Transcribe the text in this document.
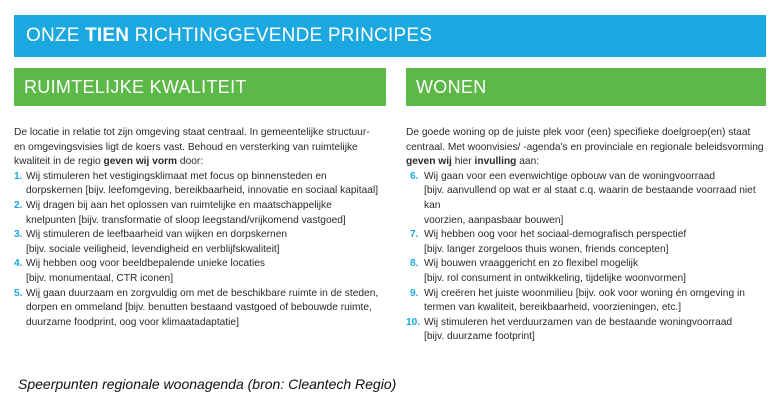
ONZE TIEN RICHTINGGEVENDE PRINCIPES
RUIMTELIJKE KWALITEIT
De locatie in relatie tot zijn omgeving staat centraal. In gemeentelijke structuur-
en omgevingsvisies ligt de koers vast. Behoud en versterking van ruimtelijke
kwaliteit in de regio geven wij vorm door:
1. Wij stimuleren het vestigingsklimaat met focus op binnensteden en
dorpskernen [bijv. leefomgeving, bereikbaarheid, innovatie en sociaal kapitaal]
2. Wij dragen bij aan het oplossen van ruimtelijke en maatschappelijke
knelpunten [bijv. transformatie of sloop leegstand/vrijkomend vastgoed]
3. Wij stimuleren de leefbaarheid van wijken en dorpskernen
[bijv. sociale veiligheid, levendigheid en verblijfskwaliteit]
4. Wij hebben oog voor beeldbepalende unieke locaties
[bijv. monumentaal, CTR iconen]
5. Wij gaan duurzaam en zorgvuldig om met de beschikbare ruimte in de steden,
dorpen en ommeland [bijv. benutten bestaand vastgoed of bebouwde ruimte,
duurzame foodprint, oog voor klimaatadaptatie]
WONEN
De goede woning op de juiste plek voor (een) specifieke doelgroep(en) staat
centraal. Met woonvisies/ -agenda's en provinciale en regionale beleidsvorming
geven wij hier invulling aan:
6. Wij gaan voor een evenwichtige opbouw van de woningvoorraad
[bijv. aanvullend op wat er al staat c.q. waarin de bestaande voorraad niet kan
voorzien, aanpasbaar bouwen]
7. Wij hebben oog voor het sociaal-demografisch perspectief
[bijv. langer zorgeloos thuis wonen, friends concepten]
8. Wij bouwen vraaggericht en zo flexibel mogelijk
[bijv. rol consument in ontwikkeling, tijdelijke woonvormen]
9. Wij creëren het juiste woonmilieu [bijv. ook voor woning én omgeving in
termen van kwaliteit, bereikbaarheid, voorzieningen, etc.]
10. Wij stimuleren het verduurzamen van de bestaande woningvoorraad
[bijv. duurzame footprint]
Speerpunten regionale woonagenda (bron: Cleantech Regio)
